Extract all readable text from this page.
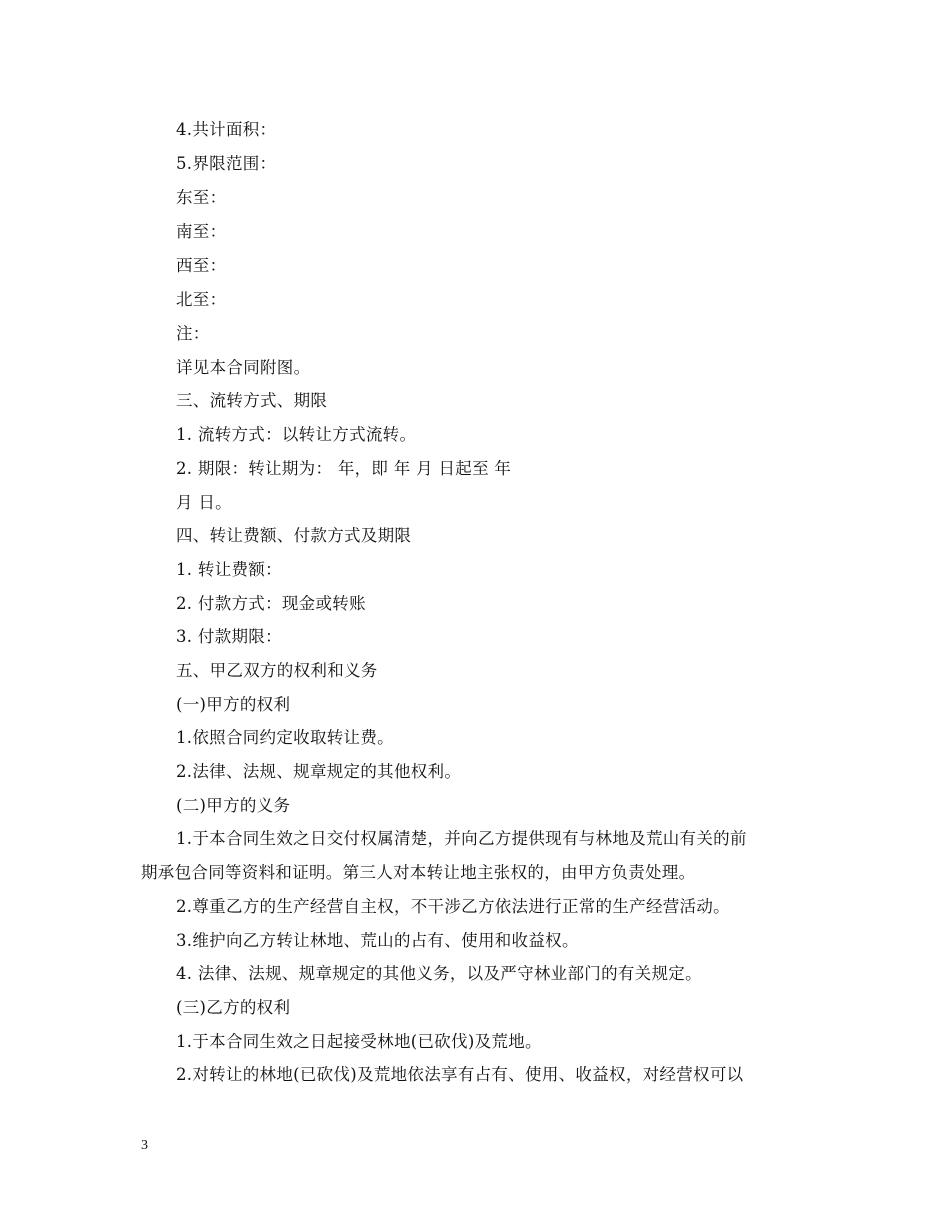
4.共计面积：
5.界限范围：
东至：
南至：
西至：
北至：
注：
详见本合同附图。
三、流转方式、期限
1. 流转方式：以转让方式流转。
2. 期限：转让期为： 年，即 年 月 日起至 年
月 日。
四、转让费额、付款方式及期限
1. 转让费额：
2. 付款方式：现金或转账
3. 付款期限：
五、甲乙双方的权利和义务
(一)甲方的权利
1.依照合同约定收取转让费。
2.法律、法规、规章规定的其他权利。
(二)甲方的义务
1.于本合同生效之日交付权属清楚，并向乙方提供现有与林地及荒山有关的前
期承包合同等资料和证明。第三人对本转让地主张权的，由甲方负责处理。
2.尊重乙方的生产经营自主权，不干涉乙方依法进行正常的生产经营活动。
3.维护向乙方转让林地、荒山的占有、使用和收益权。
4. 法律、法规、规章规定的其他义务，以及严守林业部门的有关规定。
(三)乙方的权利
1.于本合同生效之日起接受林地(已砍伐)及荒地。
2.对转让的林地(已砍伐)及荒地依法享有占有、使用、收益权，对经营权可以
3
